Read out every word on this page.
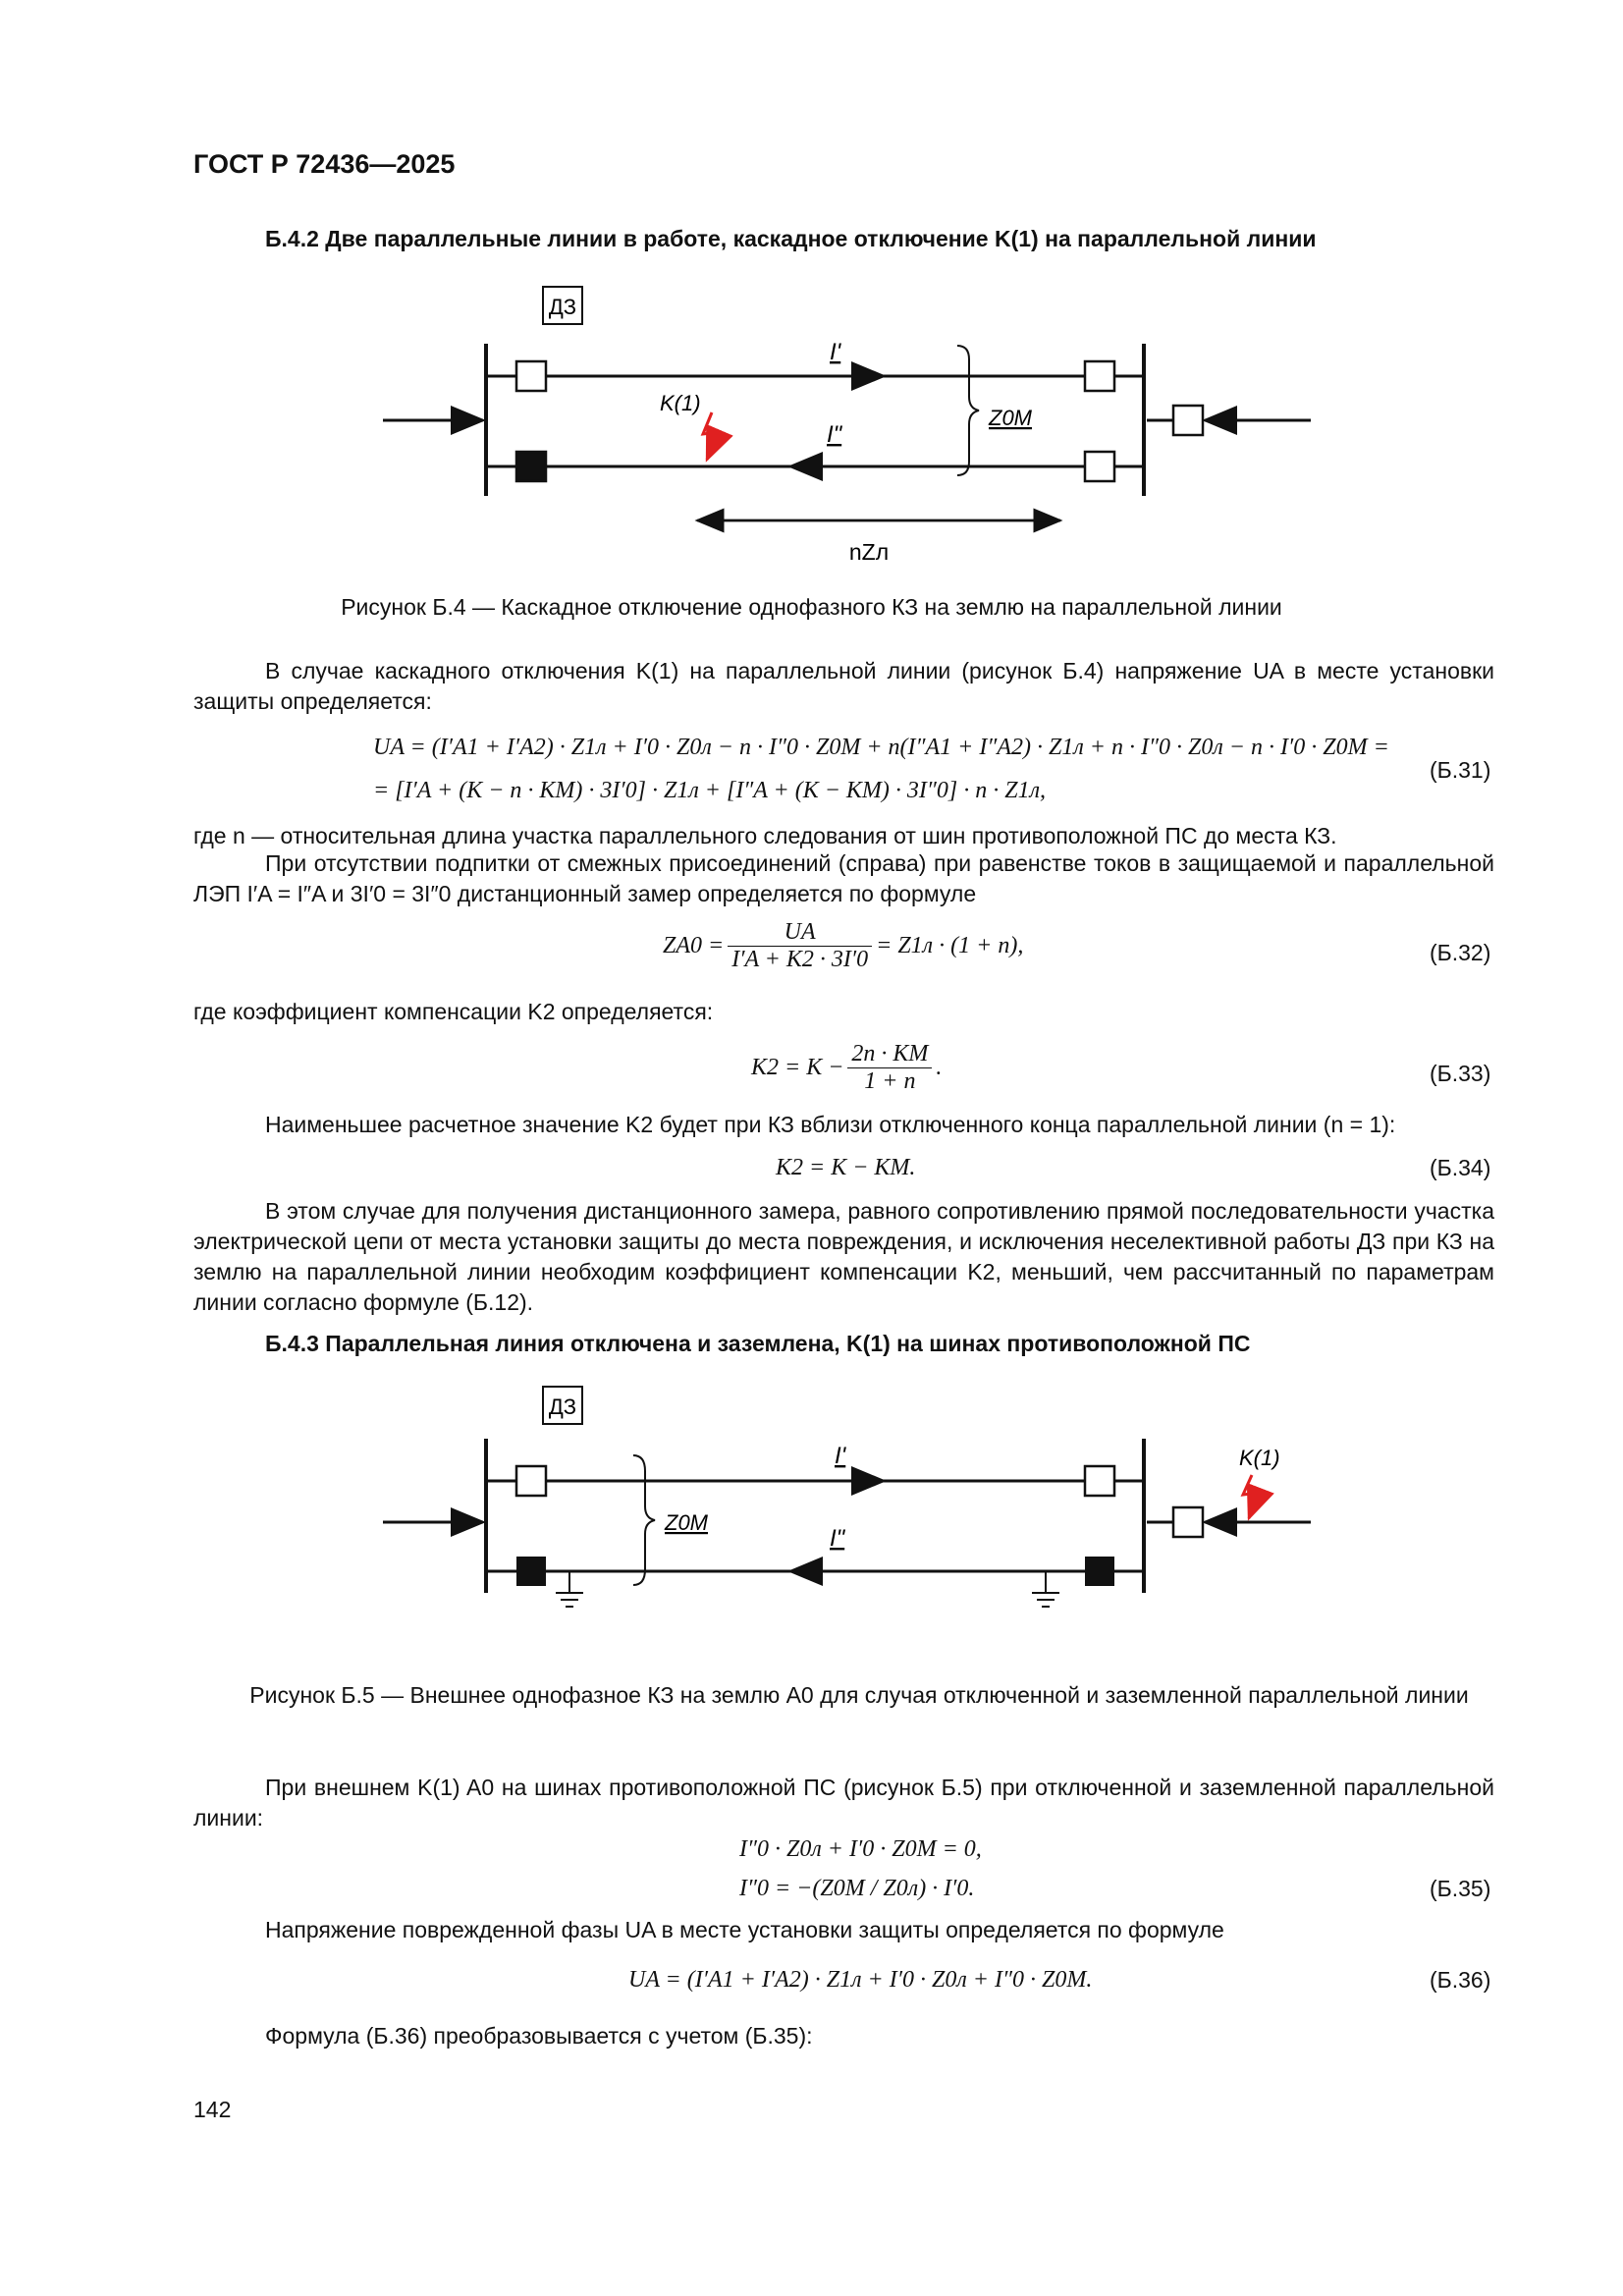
ГОСТ Р 72436—2025
Б.4.2 Две параллельные линии в работе, каскадное отключение K(1) на параллельной линии
ДЗ
I'
I"
K(1)
Z0M
nZл
Рисунок Б.4 — Каскадное отключение однофазного КЗ на землю на параллельной линии
В случае каскадного отключения K(1) на параллельной линии (рисунок Б.4) напряжение UA в месте установки защиты определяется:
UA = (I′A1 + I′A2) · Z1л + I′0 · Z0л − n · I″0 · Z0M + n(I″A1 + I″A2) · Z1л + n · I″0 · Z0л − n · I′0 · Z0M =
= [I′A + (K − n · KM) · 3I′0] · Z1л + [I″A + (K − KM) · 3I″0] · n · Z1л,
(Б.31)
где n — относительная длина участка параллельного следования от шин противоположной ПС до места КЗ.
При отсутствии подпитки от смежных присоединений (справа) при равенстве токов в защищаемой и параллельной ЛЭП I′A = I″A и 3I′0 = 3I″0 дистанционный замер определяется по формуле
$ZA0 = \frac{UA}{I'A + K2 \cdot 3I'0} = Z1л \cdot (1 + n)$,	(Б.32)
где коэффициент компенсации K2 определяется:
$K2 = K - \frac{2n \cdot KM}{1 + n}$ .	(Б.33)
Наименьшее расчетное значение K2 будет при КЗ вблизи отключенного конца параллельной линии (n = 1):
K2 = K − KM.	(Б.34)
В этом случае для получения дистанционного замера, равного сопротивлению прямой последовательности участка электрической цепи от места установки защиты до места повреждения, и исключения неселективной работы ДЗ при КЗ на землю на параллельной линии необходим коэффициент компенсации K2, меньший, чем рассчитанный по параметрам линии согласно формуле (Б.12).
Б.4.3 Параллельная линия отключена и заземлена, K(1) на шинах противоположной ПС
ДЗ
K(1)
I'
I"
Z0M
Рисунок Б.5 — Внешнее однофазное КЗ на землю A0 для случая отключенной и заземленной параллельной линии
При внешнем K(1) A0 на шинах противоположной ПС (рисунок Б.5) при отключенной и заземленной параллельной линии:
I″0 · Z0л + I′0 · Z0M = 0,
I″0 = −(Z0M / Z0л) · I′0.	(Б.35)
Напряжение поврежденной фазы UA в месте установки защиты определяется по формуле
UA = (I′A1 + I′A2) · Z1л + I′0 · Z0л + I″0 · Z0M.	(Б.36)
Формула (Б.36) преобразовывается с учетом (Б.35):
142
